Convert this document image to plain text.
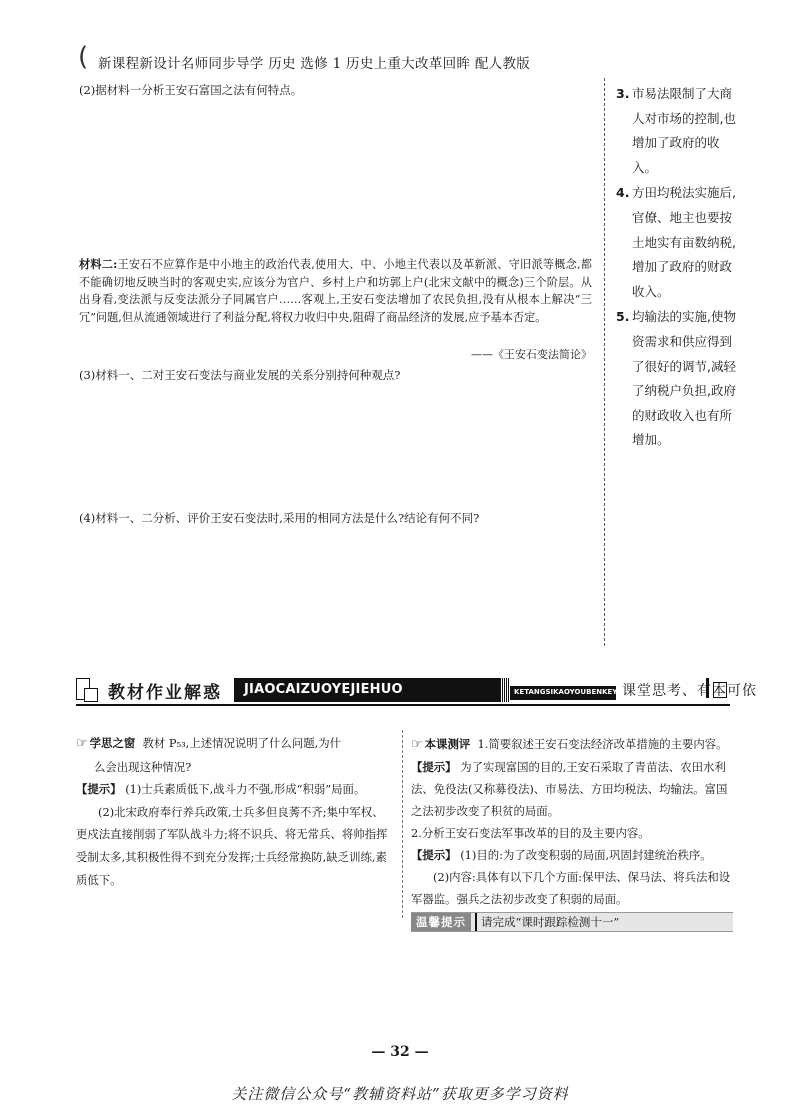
( 新课程新设计名师同步导学 历史 选修 1 历史上重大改革回眸 配人教版
(2)据材料一分析王安石富国之法有何特点。
材料二:王安石不应算作是中小地主的政治代表,使用大、中、小地主代表以及革新派、守旧派等概念,都不能确切地反映当时的客观史实,应该分为官户、乡村上户和坊郭上户(北宋文献中的概念)三个阶层。从出身看,变法派与反变法派分子同属官户……客观上,王安石变法增加了农民负担,没有从根本上解决“三冗”问题,但从流通领域进行了利益分配,将权力收归中央,阻碍了商品经济的发展,应予基本否定。
——《王安石变法简论》
(3)材料一、二对王安石变法与商业发展的关系分别持何种观点?
(4)材料一、二分析、评价王安石变法时,采用的相同方法是什么?结论有何不同?
3. 市易法限制了大商人对市场的控制,也增加了政府的收入。
4. 方田均税法实施后,官僚、地主也要按土地实有亩数纳税,增加了政府的财政收入。
5. 均输法的实施,使物资需求和供应得到了很好的调节,减轻了纳税户负担,政府的财政收入也有所增加。
教材作业解惑	JIAOCAIZUOYEJIEHUO	KETANGSIKAOYOUBENKEYI 课堂思考、有本可依
☞ 学思之窗 教材 P₅₃,上述情况说明了什么问题,为什
么会出现这种情况?
【提示】 (1)士兵素质低下,战斗力不强,形成“积弱”局面。
(2)北宋政府奉行养兵政策,士兵多但良莠不齐;集中军权、更戍法直接削弱了军队战斗力;将不识兵、将无常兵、将帅指挥受制太多,其积极性得不到充分发挥;士兵经常换防,缺乏训练,素质低下。
☞ 本课测评 1.简要叙述王安石变法经济改革措施的主要内容。
【提示】 为了实现富国的目的,王安石采取了青苗法、农田水利法、免役法(又称募役法)、市易法、方田均税法、均输法。富国之法初步改变了积贫的局面。
2.分析王安石变法军事改革的目的及主要内容。
【提示】 (1)目的:为了改变积弱的局面,巩固封建统治秩序。
(2)内容:具体有以下几个方面:保甲法、保马法、将兵法和设军器监。强兵之法初步改变了积弱的局面。
温馨提示	请完成“课时跟踪检测十一”
— 32 —
关注微信公众号“教辅资料站”获取更多学习资料
